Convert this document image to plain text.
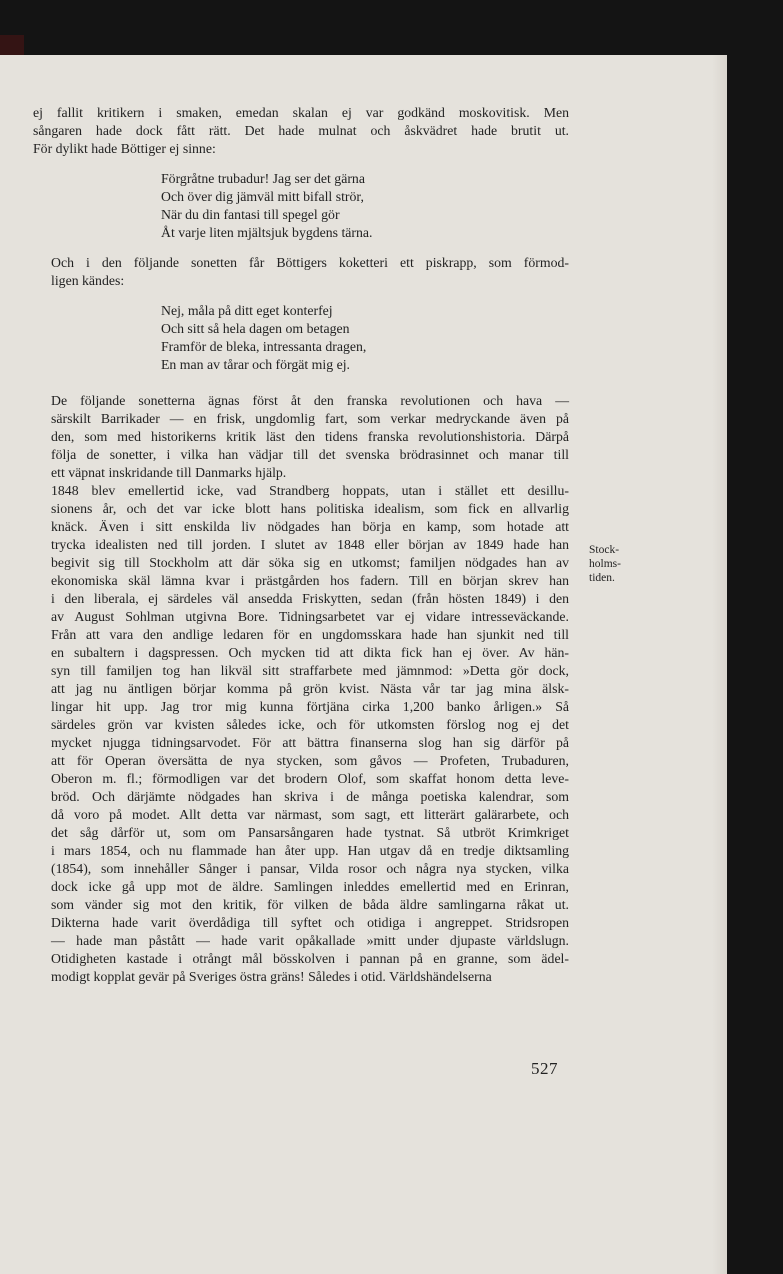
ej fallit kritikern i smaken, emedan skalan ej var godkänd moskovitisk. Men
sångaren hade dock fått rätt. Det hade mulnat och åskvädret hade brutit ut.
För dylikt hade Böttiger ej sinne:

Förgråtne trubadur! Jag ser det gärna
Och över dig jämväl mitt bifall strör,
När du din fantasi till spegel gör
Åt varje liten mjältsjuk bygdens tärna.

Och i den följande sonetten får Böttigers koketteri ett piskrapp, som förmod-
ligen kändes:

Nej, måla på ditt eget konterfej
Och sitt så hela dagen om betagen
Framför de bleka, intressanta dragen,
En man av tårar och förgät mig ej.

De följande sonetterna ägnas först åt den franska revolutionen och hava —
särskilt Barrikader — en frisk, ungdomlig fart, som verkar medryckande även på
den, som med historikerns kritik läst den tidens franska revolutionshistoria. Därpå
följa de sonetter, i vilka han vädjar till det svenska brödrasinnet och manar till
ett väpnat inskridande till Danmarks hjälp.

1848 blev emellertid icke, vad Strandberg hoppats, utan i stället ett desillu-
sionens år, och det var icke blott hans politiska idealism, som fick en allvarlig
knäck. Även i sitt enskilda liv nödgades han börja en kamp, som hotade att
trycka idealisten ned till jorden. I slutet av 1848 eller början av 1849 hade han
begivit sig till Stockholm att där söka sig en utkomst; familjen nödgades han av
ekonomiska skäl lämna kvar i prästgården hos fadern. Till en början skrev han
i den liberala, ej särdeles väl ansedda Friskytten, sedan (från hösten 1849) i den
av August Sohlman utgivna Bore. Tidningsarbetet var ej vidare intresseväckande.
Från att vara den andlige ledaren för en ungdomsskara hade han sjunkit ned till
en subaltern i dagspressen. Och mycken tid att dikta fick han ej över. Av hän-
syn till familjen tog han likväl sitt straffarbete med jämnmod: »Detta gör dock,
att jag nu äntligen börjar komma på grön kvist. Nästa vår tar jag mina älsk-
lingar hit upp. Jag tror mig kunna förtjäna cirka 1,200 banko årligen.» Så
särdeles grön var kvisten således icke, och för utkomsten förslog nog ej det
mycket njugga tidningsarvodet. För att bättra finanserna slog han sig därför på
att för Operan översätta de nya stycken, som gåvos — Profeten, Trubaduren,
Oberon m. fl.; förmodligen var det brodern Olof, som skaffat honom detta leve-
bröd. Och därjämte nödgades han skriva i de många poetiska kalendrar, som
då voro på modet. Allt detta var närmast, som sagt, ett litterärt galärarbete, och
det såg dårför ut, som om Pansarsångaren hade tystnat. Så utbröt Krimkriget
i mars 1854, och nu flammade han åter upp. Han utgav då en tredje diktsamling
(1854), som innehåller Sånger i pansar, Vilda rosor och några nya stycken, vilka
dock icke gå upp mot de äldre. Samlingen inleddes emellertid med en Erinran,
som vänder sig mot den kritik, för vilken de båda äldre samlingarna råkat ut.
Dikterna hade varit överdådiga till syftet och otidiga i angreppet. Stridsropen
— hade man påstått — hade varit opåkallade »mitt under djupaste världslugn.
Otidigheten kastade i otrångt mål bösskolven i pannan på en granne, som ädel-
modigt kopplat gevär på Sveriges östra gräns! Således i otid. Världshändelserna

Stock-
holms-
tiden.
527
